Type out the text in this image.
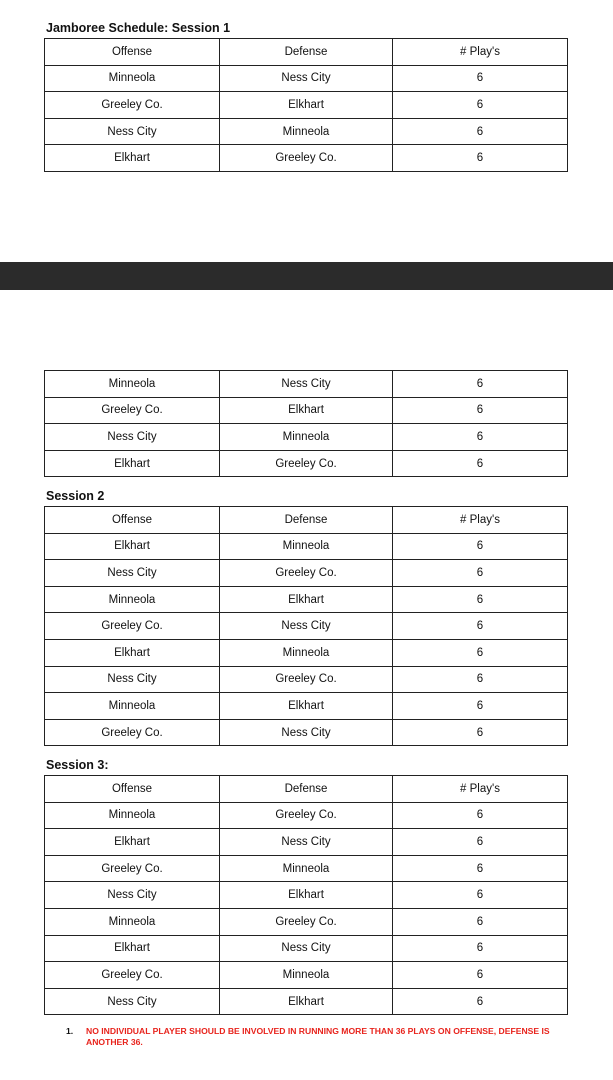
Jamboree Schedule: Session 1
Offense	Defense	# Play's
Minneola	Ness City	6
Greeley Co.	Elkhart	6
Ness City	Minneola	6
Elkhart	Greeley Co.	6
Minneola	Ness City	6
Greeley Co.	Elkhart	6
Ness City	Minneola	6
Elkhart	Greeley Co.	6
Session 2
Offense	Defense	# Play's
Elkhart	Minneola	6
Ness City	Greeley Co.	6
Minneola	Elkhart	6
Greeley Co.	Ness City	6
Elkhart	Minneola	6
Ness City	Greeley Co.	6
Minneola	Elkhart	6
Greeley Co.	Ness City	6
Session 3:
Offense	Defense	# Play's
Minneola	Greeley Co.	6
Elkhart	Ness City	6
Greeley Co.	Minneola	6
Ness City	Elkhart	6
Minneola	Greeley Co.	6
Elkhart	Ness City	6
Greeley Co.	Minneola	6
Ness City	Elkhart	6
1.	NO INDIVIDUAL PLAYER SHOULD BE INVOLVED IN RUNNING MORE THAN 36 PLAYS ON OFFENSE, DEFENSE IS ANOTHER 36.
